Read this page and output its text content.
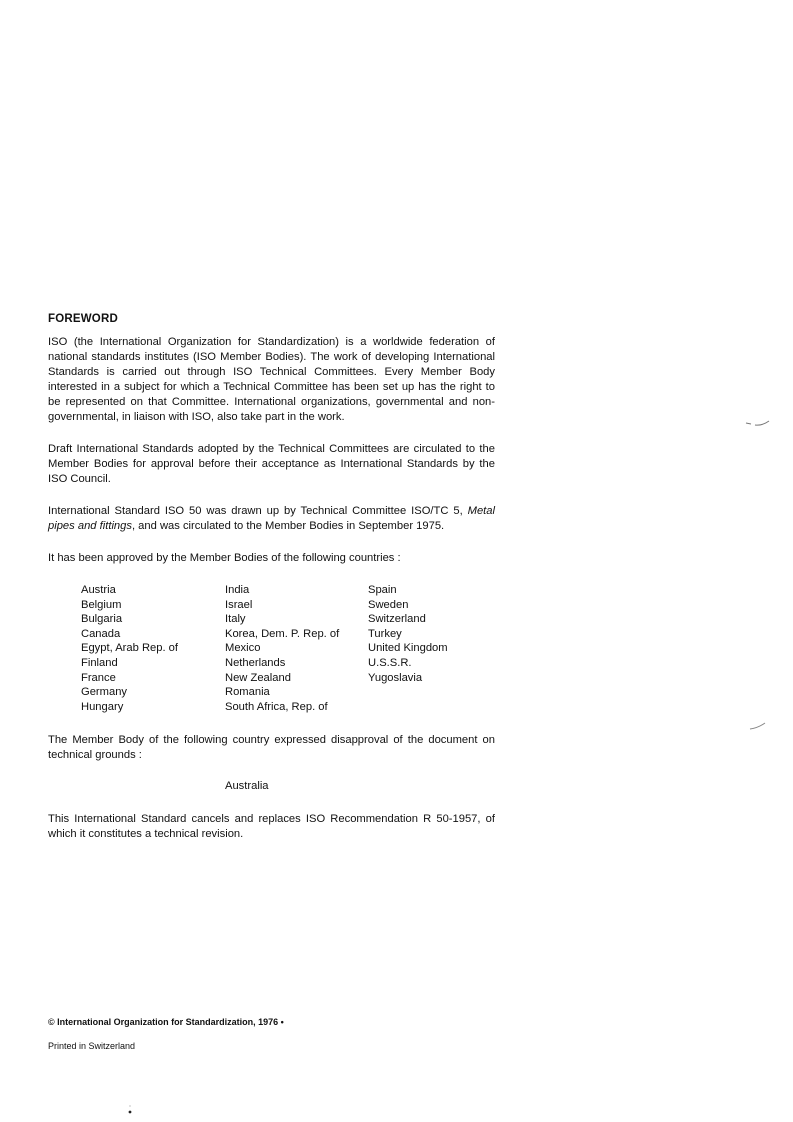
FOREWORD

ISO (the International Organization for Standardization) is a worldwide federation of national standards institutes (ISO Member Bodies). The work of developing International Standards is carried out through ISO Technical Committees. Every Member Body interested in a subject for which a Technical Committee has been set up has the right to be represented on that Committee. International organizations, governmental and non-governmental, in liaison with ISO, also take part in the work.

Draft International Standards adopted by the Technical Committees are circulated to the Member Bodies for approval before their acceptance as International Standards by the ISO Council.

International Standard ISO 50 was drawn up by Technical Committee ISO/TC 5, Metal pipes and fittings, and was circulated to the Member Bodies in September 1975.

It has been approved by the Member Bodies of the following countries :

Austria
Belgium
Bulgaria
Canada
Egypt, Arab Rep. of
Finland
France
Germany
Hungary
India
Israel
Italy
Korea, Dem. P. Rep. of
Mexico
Netherlands
New Zealand
Romania
South Africa, Rep. of
Spain
Sweden
Switzerland
Turkey
United Kingdom
U.S.S.R.
Yugoslavia

The Member Body of the following country expressed disapproval of the document on technical grounds :

Australia

This International Standard cancels and replaces ISO Recommendation R 50-1957, of which it constitutes a technical revision.

© International Organization for Standardization, 1976 •
Printed in Switzerland
